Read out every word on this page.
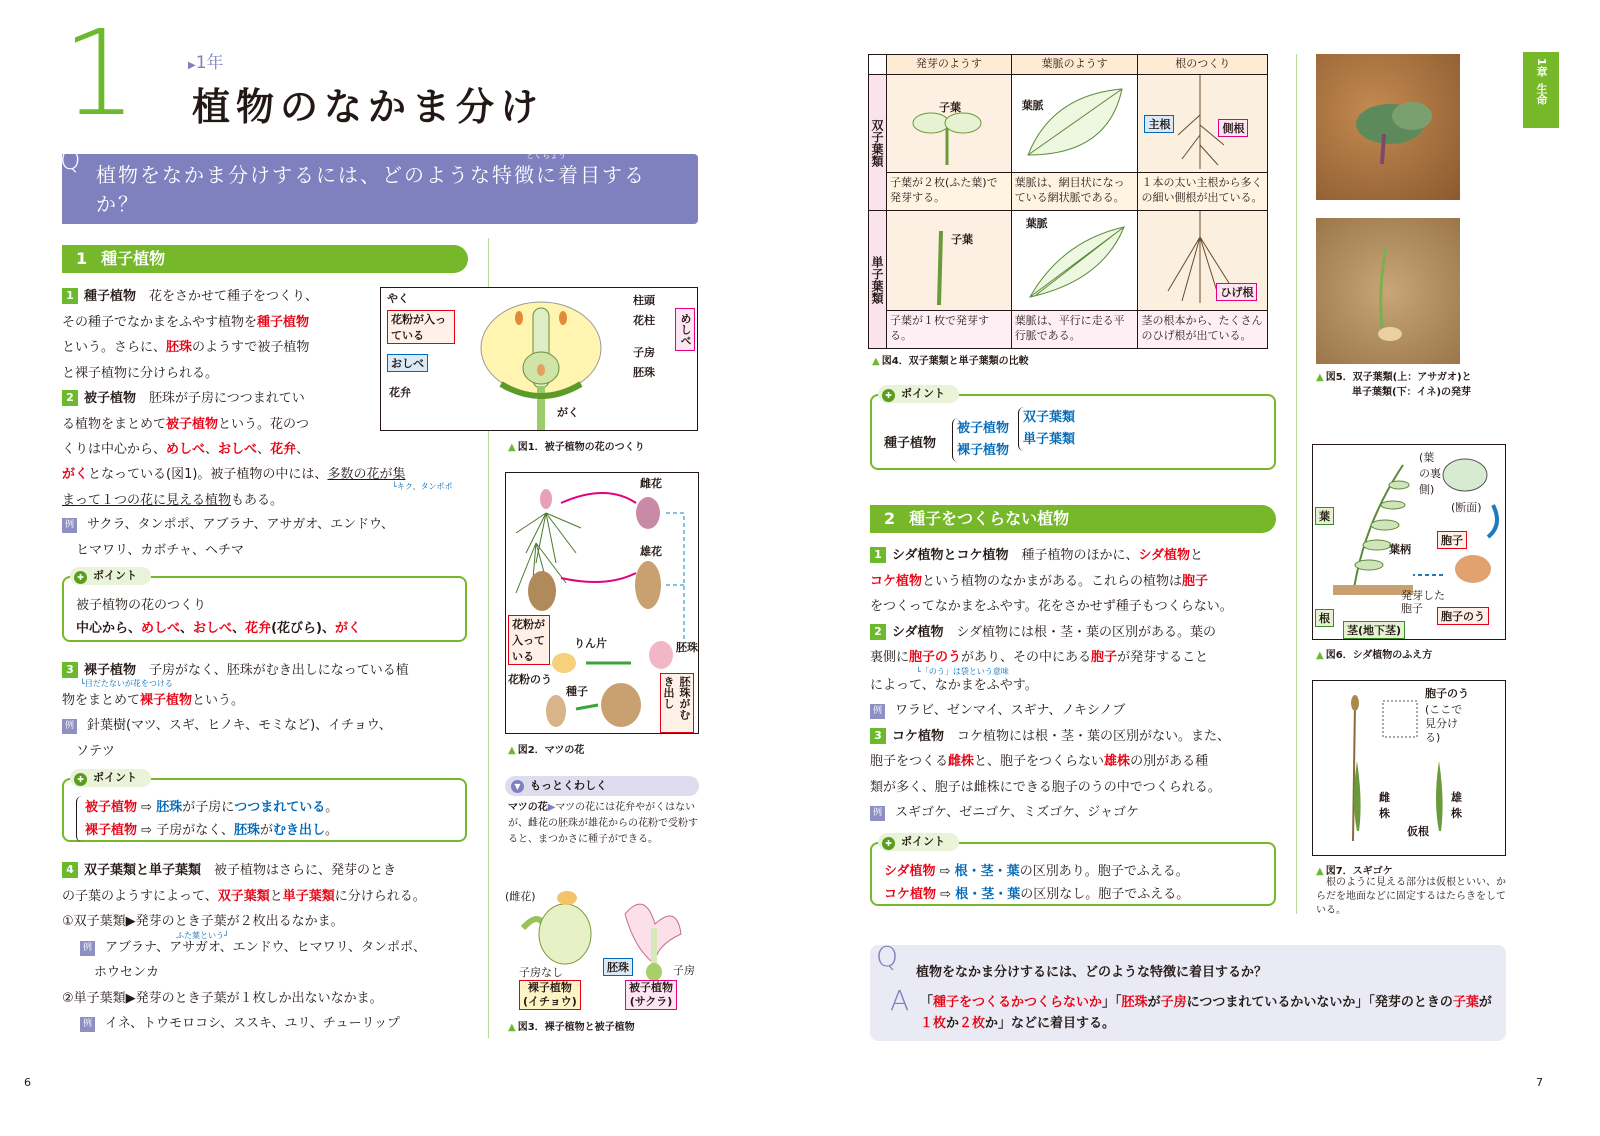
1	▶1年
植物のなかま分け
Q	とくちょう
植物をなかま分けするには、どのような特徴に着目するか？
1 種子植物
1 種子植物　 花をさかせて種子をつくり、
その種子でなかまをふやす植物を種子植物
という。さらに、胚珠のようすで被子植物
と裸子植物に分けられる。
2 被子植物　 胚珠が子房につつまれてい
る植物をまとめて被子植物という。花のつ
くりは中心から、めしべ、おしべ、花弁、
がくとなっている(図1)。被子植物の中には、多数の花が集
まって１つの花に見える植物もある。
└キク、タンポポ
例 サクラ、タンポポ、アブラナ、アサガオ、エンドウ、
ヒマワリ、カボチャ、ヘチマ
✚ ポイント
被子植物の花のつくり
中心から、めしべ、おしべ、花弁(花びら)、がく
3 裸子植物　 子房がなく、胚珠がむき出しになっている植
物をまとめて裸子植物という。
└目だたないが花をつける
例 針葉樹(マツ、スギ、ヒノキ、モミなど)、イチョウ、
ソテツ
✚ ポイント
被子植物 ⇨ 胚珠が子房につつまれている。
裸子植物 ⇨ 子房がなく、胚珠がむき出し。
4 双子葉類と単子葉類　 被子植物はさらに、発芽のとき
の子葉のようすによって、双子葉類と単子葉類に分けられる。
①双子葉類▶発芽のとき子葉が２枚出るなかま。
例 アブラナ、アサガオ、エンドウ、ヒマワリ、タンポポ、
ホウセンカ
②単子葉類▶発芽のとき子葉が１枚しか出ないなかま。
例 イネ、トウモロコシ、ススキ、ユリ、チューリップ
ふた葉という┘
やく
花粉が入っている
おしべ
花弁
がく
柱頭
花柱
子房
胚珠
めしべ
▲ 図1．被子植物の花のつくり
雌花
雄花
花粉が入っている
りん片	胚珠
胚珠がむき出し
花粉のう
種子
▲ 図2．マツの花
▼ もっとくわしく
マツの花▶マツの花には花弁やがくはないが、雌花の胚珠が雄花からの花粉で受粉すると、まつかさに種子ができる。
(雌花)
子房なし	胚珠	子房
裸子植物
(イチョウ)
被子植物
(サクラ)
▲ 図3．裸子植物と被子植物
6
	発芽のようす	葉脈のようす	根のつくり

双子葉類	子葉	葉脈	主根 側根

	子葉が２枚(ふた葉)で発芽する。	葉脈は、網目状になっている網状脈である。	１本の太い主根から多くの細い側根が出ている。

単子葉類	子葉	葉脈	ひげ根

	子葉が１枚で発芽する。	葉脈は、平行に走る平行脈である。	茎の根本から、たくさんのひげ根が出ている。
▲ 図4．双子葉類と単子葉類の比較
✚ ポイント
種子植物
被子植物
裸子植物
双子葉類
単子葉類
2 種子をつくらない植物
1 シダ植物とコケ植物　 種子植物のほかに、シダ植物と
コケ植物という植物のなかまがある。これらの植物は胞子
をつくってなかまをふやす。花をさかせず種子もつくらない。
2 シダ植物　 シダ植物には根・茎・葉の区別がある。葉の
裏側に胞子のうがあり、その中にある胞子が発芽すること
によって、なかまをふやす。
例 ワラビ、ゼンマイ、スギナ、ノキシノブ
3 コケ植物　 コケ植物には根・茎・葉の区別がない。また、
胞子をつくる雌株と、胞子をつくらない雄株の別がある種
類が多く、胞子は雌株にできる胞子のうの中でつくられる。
例 スギゴケ、ゼニゴケ、ミズゴケ、ジャゴケ
└「のう」は袋という意味
✚ ポイント
シダ植物 ⇨ 根・茎・葉の区別あり。胞子でふえる。
コケ植物 ⇨ 根・茎・葉の区別なし。胞子でふえる。
Q 植物をなかま分けするには、どのような特徴に着目するか？
A 「種子をつくるかつくらないか」「胚珠が子房につつまれているかいないか」「発芽のときの子葉が１枚か２枚か」などに着目する。
▲ 図5．双子葉類(上：アサガオ)と
単子葉類(下：イネ)の発芽
葉
(葉の裏側)
(断面)
葉柄
胞子
発芽した胞子
根
茎(地下茎)
胞子のう
▲ 図6．シダ植物のふえ方
胞子のう
(ここで見分ける)
雌株
雄株
仮根
▲ 図7．スギゴケ
根のように見える部分は仮根といい、からだを地面などに固定するはたらきをしている。
1章
生命
7
